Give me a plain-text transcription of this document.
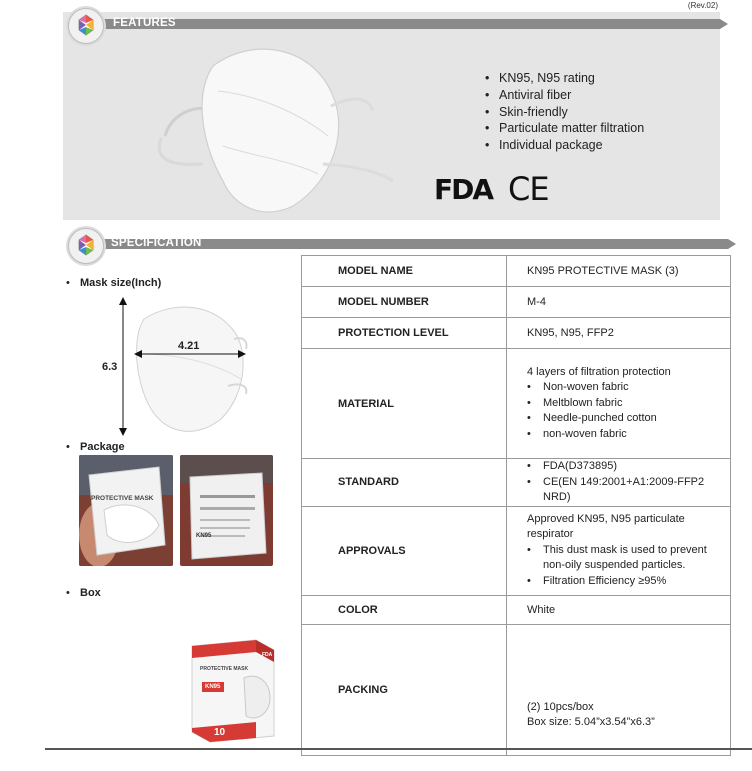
(Rev.02)
• KN95, N95 rating
• Antiviral fiber
• Skin-friendly
• Particulate matter filtration
• Individual package
FDA CE
FEATURES
SPECIFICATION
• Mask size(Inch)
4.21
6.3
• Package
PROTECTIVE MASK
KN95
• Box
PROTECTIVE MASK
KN95
10
FDA
MODEL NAME	KN95 PROTECTIVE MASK (3)
MODEL NUMBER	M-4
PROTECTION LEVEL	KN95, N95, FFP2
MATERIAL	4 layers of filtration protection
• Non-woven fabric
• Meltblown fabric
• Needle-punched cotton
• non-woven fabric

STANDARD	• FDA(D373895)
• CE(EN 149:2001+A1:2009-FFP2 NRD)

APPROVALS	Approved KN95, N95 particulate respirator
• This dust mask is used to prevent non-oily suspended particles.
• Filtration Efficiency ≥95%

COLOR	White
PACKING	(2) 10pcs/box
Box size: 5.04”x3.54”x6.3”
